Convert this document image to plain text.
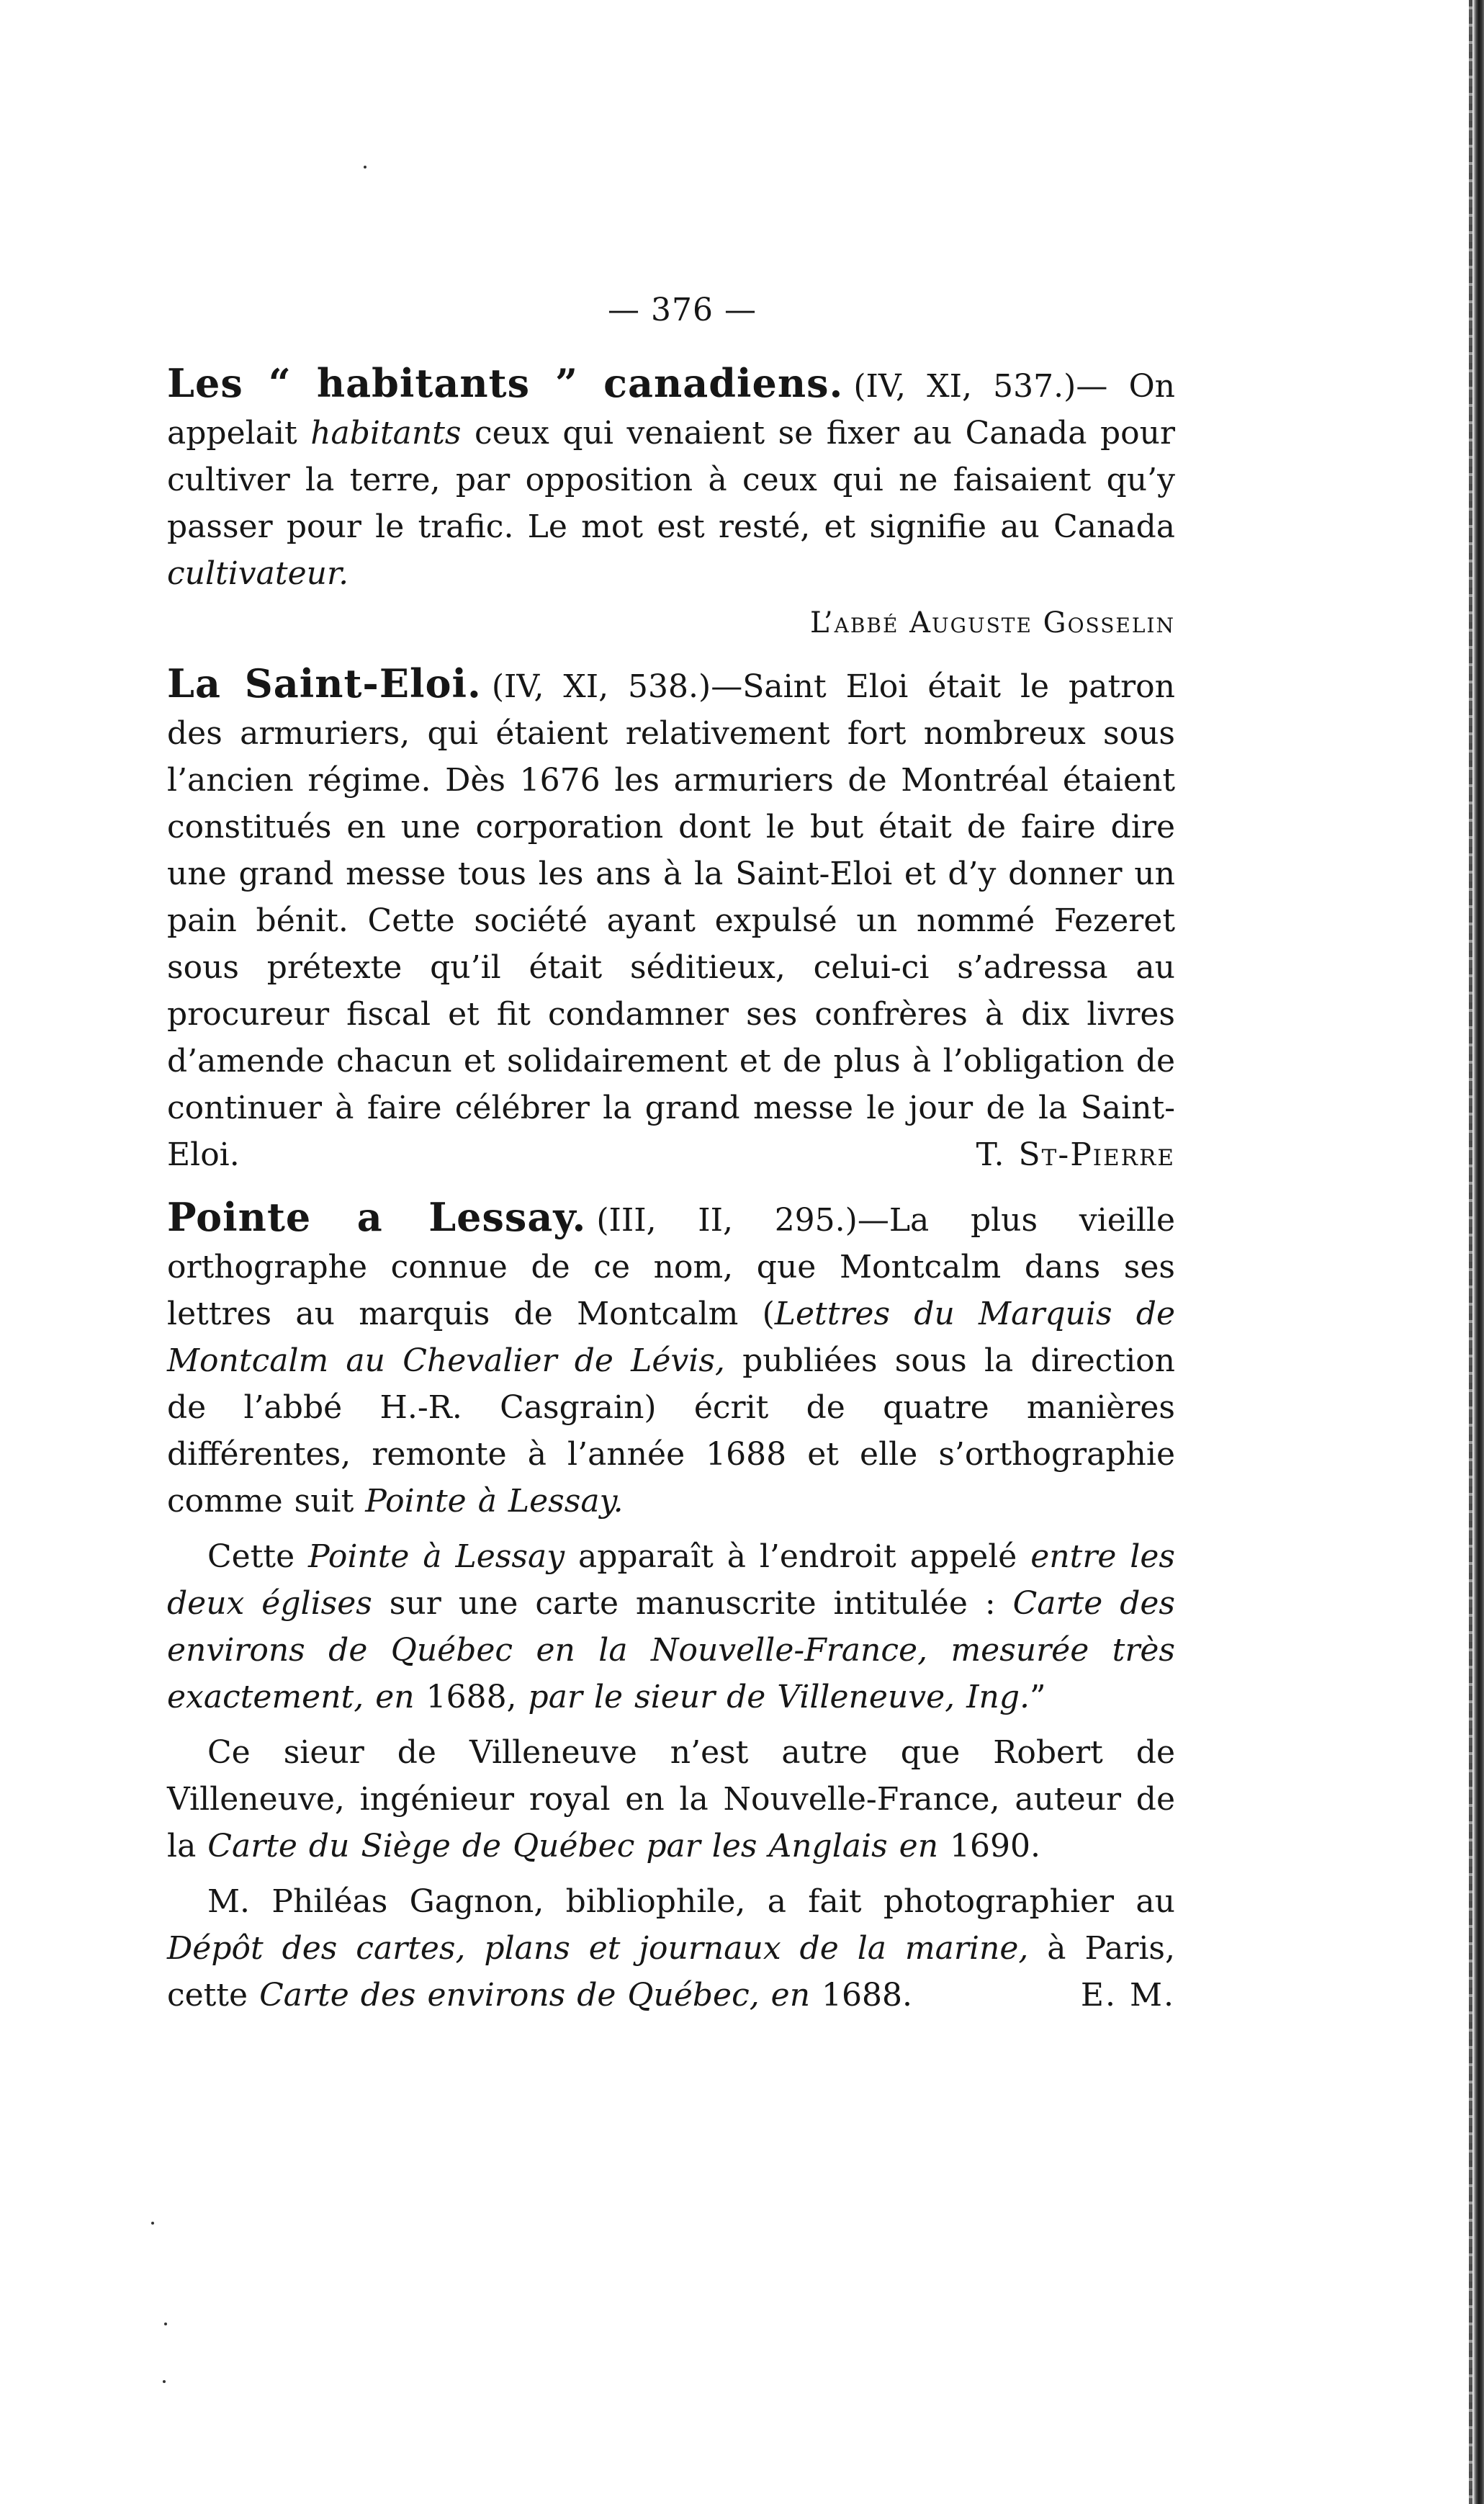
— 376 —

Les “ habitants ” canadiens. (IV, XI, 537.)— On appelait habitants ceux qui venaient se fixer au Canada pour cultiver la terre, par opposition à ceux qui ne faisaient qu’y passer pour le trafic. Le mot est resté, et signifie au Canada cultivateur.

L’abbé Auguste Gosselin

La Saint-Eloi. (IV, XI, 538.)—Saint Eloi était le patron des armuriers, qui étaient relativement fort nombreux sous l’ancien régime. Dès 1676 les armuriers de Montréal étaient constitués en une corporation dont le but était de faire dire une grand messe tous les ans à la Saint-Eloi et d’y donner un pain bénit. Cette société ayant expulsé un nommé Fezeret sous prétexte qu’il était séditieux, celui-ci s’adressa au procureur fiscal et fit condamner ses confrères à dix livres d’amende chacun et solidairement et de plus à l’obligation de continuer à faire célébrer la grand messe le jour de la Saint-Eloi.	T. St-Pierre

Pointe a Lessay. (III, II, 295.)—La plus vieille orthographe connue de ce nom, que Montcalm dans ses lettres au marquis de Montcalm (Lettres du Marquis de Montcalm au Chevalier de Lévis, publiées sous la direction de l’abbé H.-R. Casgrain) écrit de quatre manières différentes, remonte à l’année 1688 et elle s’orthographie comme suit Pointe à Lessay.

Cette Pointe à Lessay apparaît à l’endroit appelé entre les deux églises sur une carte manuscrite intitulée : Carte des environs de Québec en la Nouvelle-France, mesurée très exactement, en 1688, par le sieur de Villeneuve, Ing.”

Ce sieur de Villeneuve n’est autre que Robert de Villeneuve, ingénieur royal en la Nouvelle-France, auteur de la Carte du Siège de Québec par les Anglais en 1690.

M. Philéas Gagnon, bibliophile, a fait photographier au Dépôt des cartes, plans et journaux de la marine, à Paris, cette Carte des environs de Québec, en 1688.	E. M.
